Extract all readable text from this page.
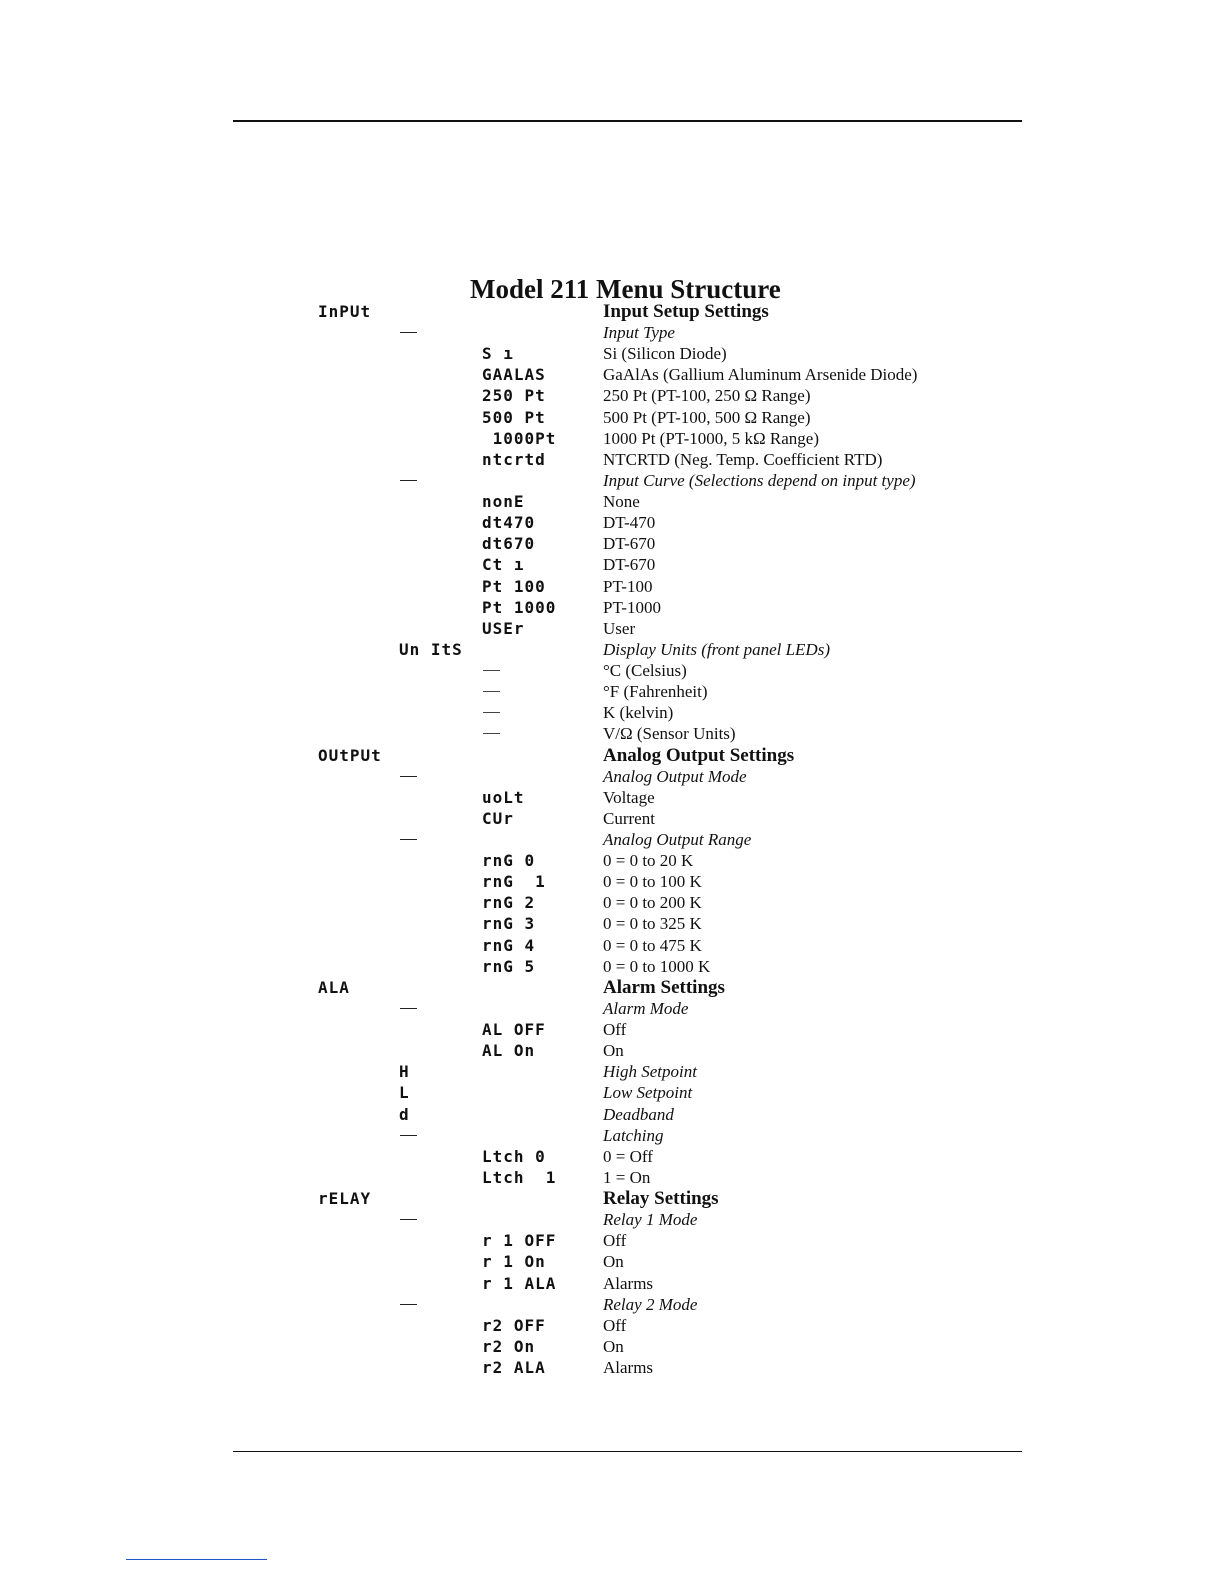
Model 211 Menu Structure
InPUt	Input Setup Settings
Input Type
S ı	Si (Silicon Diode)
GAALAS	GaAlAs (Gallium Aluminum Arsenide Diode)
250 Pt	250 Pt (PT-100, 250 Ω Range)
500 Pt	500 Pt (PT-100, 500 Ω Range)
1000Pt	1000 Pt (PT-1000, 5 kΩ Range)
ntcrtd	NTCRTD (Neg. Temp. Coefficient RTD)
Input Curve (Selections depend on input type)
nonE	None
dt470	DT-470
dt670	DT-670
Ct ı	DT-670
Pt 100	PT-100
Pt 1000	PT-1000
USEr	User
Un ItS	Display Units (front panel LEDs)
°C (Celsius)
°F (Fahrenheit)
K (kelvin)
V/Ω (Sensor Units)
OUtPUt	Analog Output Settings
Analog Output Mode
uoLt	Voltage
CUr	Current
Analog Output Range
rnG 0	0 = 0 to 20 K
rnG  1	0 = 0 to 100 K
rnG 2	0 = 0 to 200 K
rnG 3	0 = 0 to 325 K
rnG 4	0 = 0 to 475 K
rnG 5	0 = 0 to 1000 K
ALA	Alarm Settings
Alarm Mode
AL OFF	Off
AL On	On
H	High Setpoint
L	Low Setpoint
d	Deadband
Latching
Ltch 0	0 = Off
Ltch  1	1 = On
rELAY	Relay Settings
Relay 1 Mode
r 1 OFF	Off
r 1 On	On
r 1 ALA	Alarms
Relay 2 Mode
r2 OFF	Off
r2 On	On
r2 ALA	Alarms
